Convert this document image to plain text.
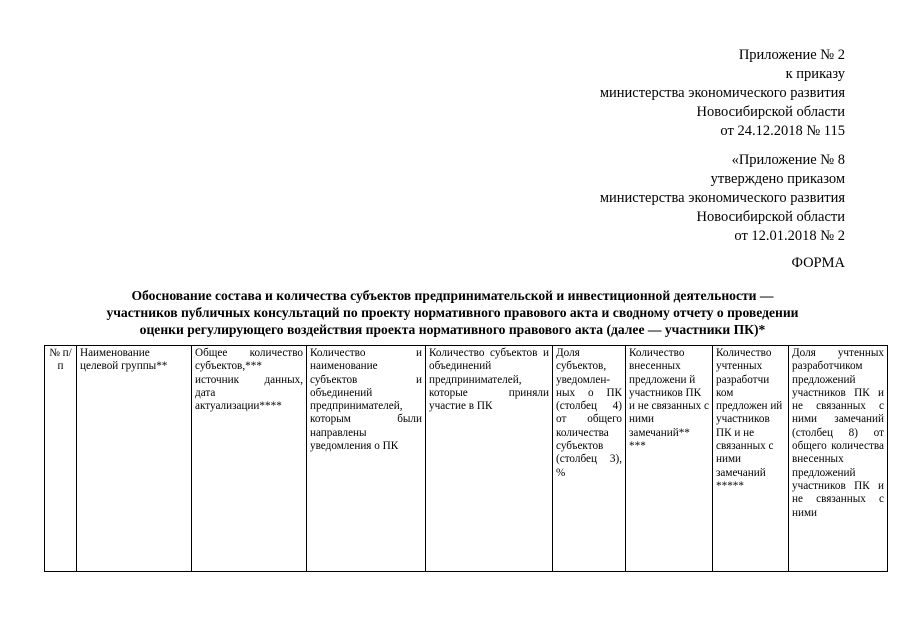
Приложение № 2
к приказу
министерства экономического развития
Новосибирской области
от 24.12.2018 № 115
«Приложение № 8
утверждено приказом
министерства экономического развития
Новосибирской области
от 12.01.2018 № 2
ФОРМА
Обоснование состава и количества субъектов предпринимательской и инвестиционной деятельности —
участников публичных консультаций по проекту нормативного правового акта и сводному отчету о проведении
оценки регулирующего воздействия проекта нормативного правового акта (далее — участники ПК)*
№ п/п	Наименование целевой группы**	Общее количество субъектов,*** источник данных, дата актуализации****	Количество и наименование субъектов и объединений предпринимателей, которым были направлены уведомления о ПК	Количество субъектов и объединений предпринимателей, которые приняли участие в ПК	Доля субъектов, уведомлен-ных о ПК (столбец 4) от общего количества субъектов (столбец 3), %	Количество внесенных предложени й участников ПК и не связанных с ними замечаний** ***	Количество учтенных разработчи ком предложен ий участников ПК и не связанных с ними замечаний *****	Доля учтенных разработчиком предложений участников ПК и не связанных с ними замечаний (столбец 8) от общего количества внесенных предложений участников ПК и не связанных с ними
